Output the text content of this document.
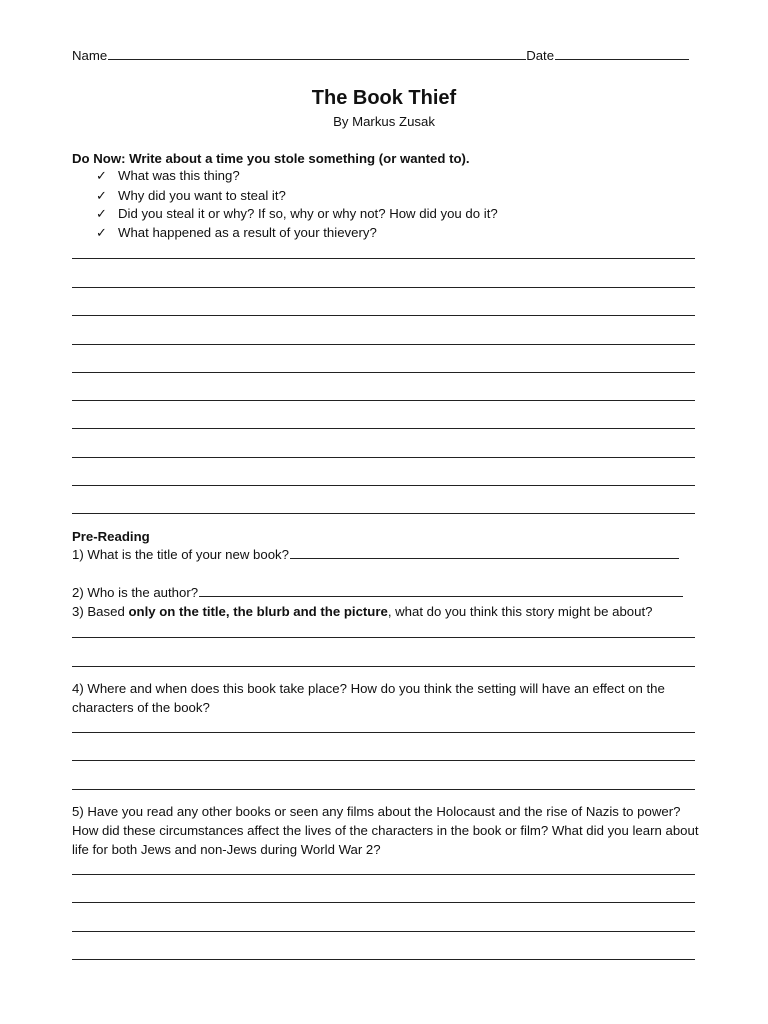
Name	Date
The Book Thief
By Markus Zusak
Do Now: Write about a time you stole something (or wanted to).
✓ What was this thing?
✓ Why did you want to steal it?
✓ Did you steal it or why? If so, why or why not? How did you do it?
✓ What happened as a result of your thievery?
Pre-Reading
1) What is the title of your new book?
2) Who is the author?
3) Based only on the title, the blurb and the picture, what do you think this story might be about?
4) Where and when does this book take place? How do you think the setting will have an effect on the characters of the book?
5) Have you read any other books or seen any films about the Holocaust and the rise of Nazis to power? How did these circumstances affect the lives of the characters in the book or film? What did you learn about life for both Jews and non-Jews during World War 2?
